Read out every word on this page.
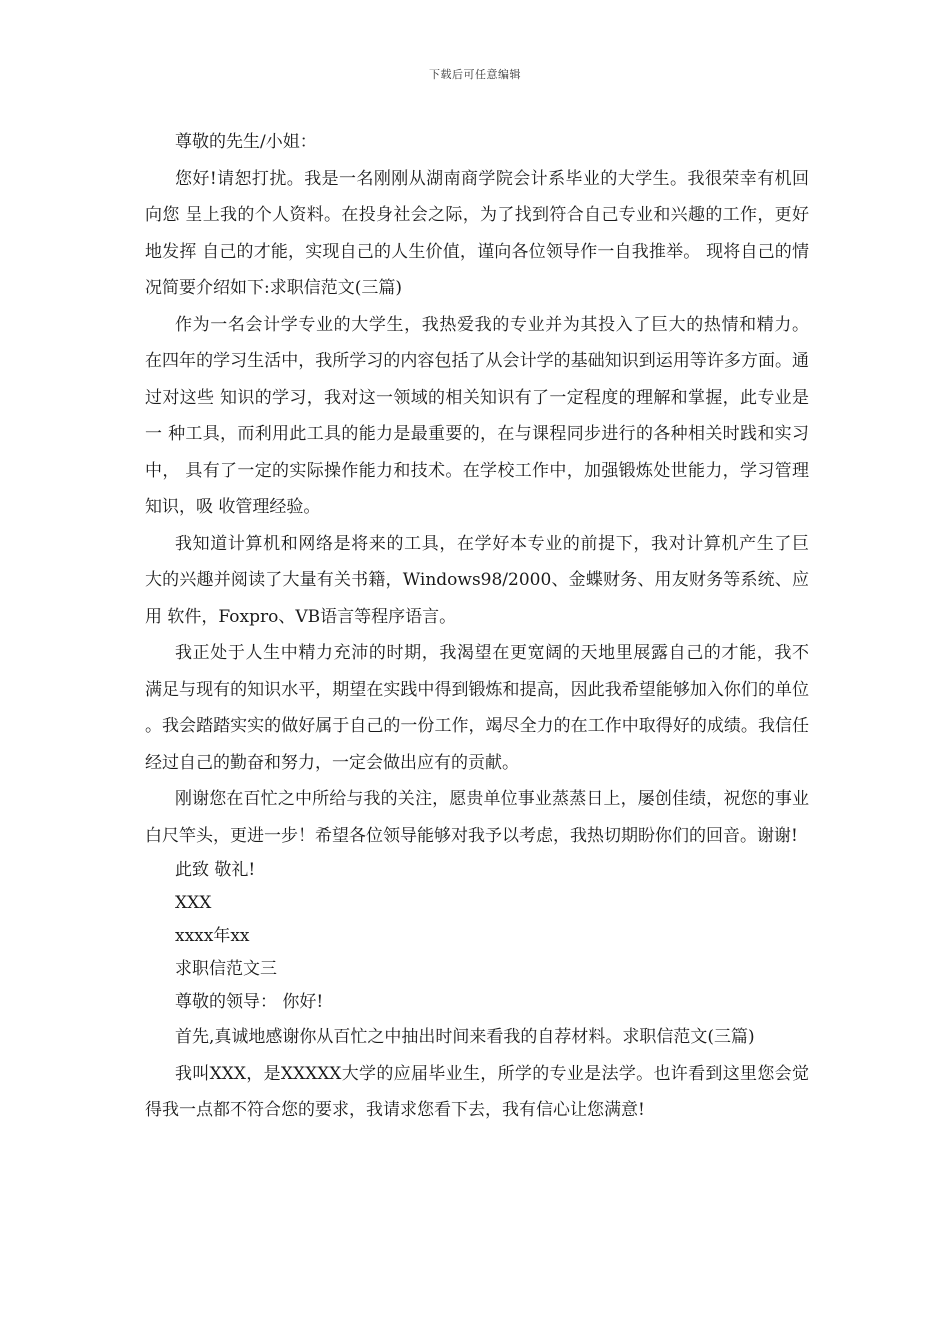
下载后可任意编辑

尊敬的先生/小姐：

您好!请恕打扰。我是一名刚刚从湖南商学院会计系毕业的大学生。我很荣幸有机回向您 呈上我的个人资料。在投身社会之际，为了找到符合自己专业和兴趣的工作，更好地发挥 自己的才能，实现自己的人生价值，谨向各位领导作一自我推举。 现将自己的情况简要介绍如下:求职信范文(三篇)

作为一名会计学专业的大学生，我热爱我的专业并为其投入了巨大的热情和精力。 在四年的学习生活中，我所学习的内容包括了从会计学的基础知识到运用等许多方面。通 过对这些 知识的学习，我对这一领域的相关知识有了一定程度的理解和掌握，此专业是一 种工具，而利用此工具的能力是最重要的，在与课程同步进行的各种相关时践和实习中， 具有了一定的实际操作能力和技术。在学校工作中，加强锻炼处世能力，学习管理知识，吸 收管理经验。

我知道计算机和网络是将来的工具，在学好本专业的前提下，我对计算机产生了巨 大的兴趣并阅读了大量有关书籍，Windows98/2000、金蝶财务、用友财务等系统、应用 软件，Foxpro、VB语言等程序语言。

我正处于人生中精力充沛的时期，我渴望在更宽阔的天地里展露自己的才能，我不 满足与现有的知识水平，期望在实践中得到锻炼和提高，因此我希望能够加入你们的单位 。我会踏踏实实的做好属于自己的一份工作，竭尽全力的在工作中取得好的成绩。我信任 经过自己的勤奋和努力，一定会做出应有的贡献。

刚谢您在百忙之中所给与我的关注，愿贵单位事业蒸蒸日上，屡创佳绩，祝您的事业 白尺竿头，更进一步！希望各位领导能够对我予以考虑，我热切期盼你们的回音。谢谢!

此致 敬礼!

XXX

xxxx年xx

求职信范文三

尊敬的领导： 你好!

首先,真诚地感谢你从百忙之中抽出时间来看我的自荐材料。求职信范文(三篇)

我叫XXX，是XXXXX大学的应届毕业生，所学的专业是法学。也许看到这里您会觉得我一点都不符合您的要求，我请求您看下去，我有信心让您满意!
